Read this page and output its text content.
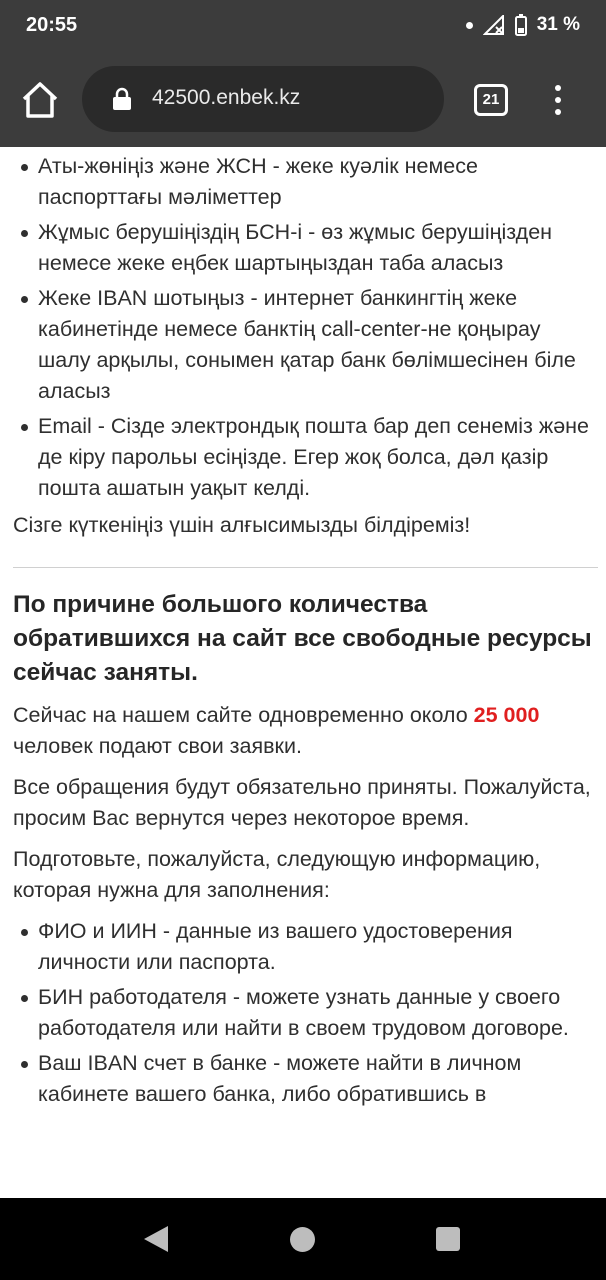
20:55	31 %
42500.enbek.kz	21
Аты-жөніңіз және ЖСН - жеке куәлік немесе паспорттағы мәліметтер
Жұмыс берушіңіздің БСН-і - өз жұмыс берушіңізден немесе жеке еңбек шартыңыздан таба аласыз
Жеке IBAN шотыңыз - интернет банкингтің жеке кабинетінде немесе банктің call-center-не қоңырау шалу арқылы, сонымен қатар банк бөлімшесінен біле аласыз
Email - Сізде электрондық пошта бар деп сенеміз және де кіру парольы есіңізде. Егер жоқ болса, дәл қазір пошта ашатын уақыт келді.

Сізге күткеніңіз үшін алғысимызды білдіреміз!

По причине большого количества обратившихся на сайт все свободные ресурсы сейчас заняты.

Сейчас на нашем сайте одновременно около 25 000 человек подают свои заявки.

Все обращения будут обязательно приняты. Пожалуйста, просим Вас вернутся через некоторое время.

Подготовьте, пожалуйста, следующую информацию, которая нужна для заполнения:

ФИО и ИИН - данные из вашего удостоверения личности или паспорта.
БИН работодателя - можете узнать данные у своего работодателя или найти в своем трудовом договоре.
Ваш IBAN счет в банке - можете найти в личном кабинете вашего банка, либо обратившись в
